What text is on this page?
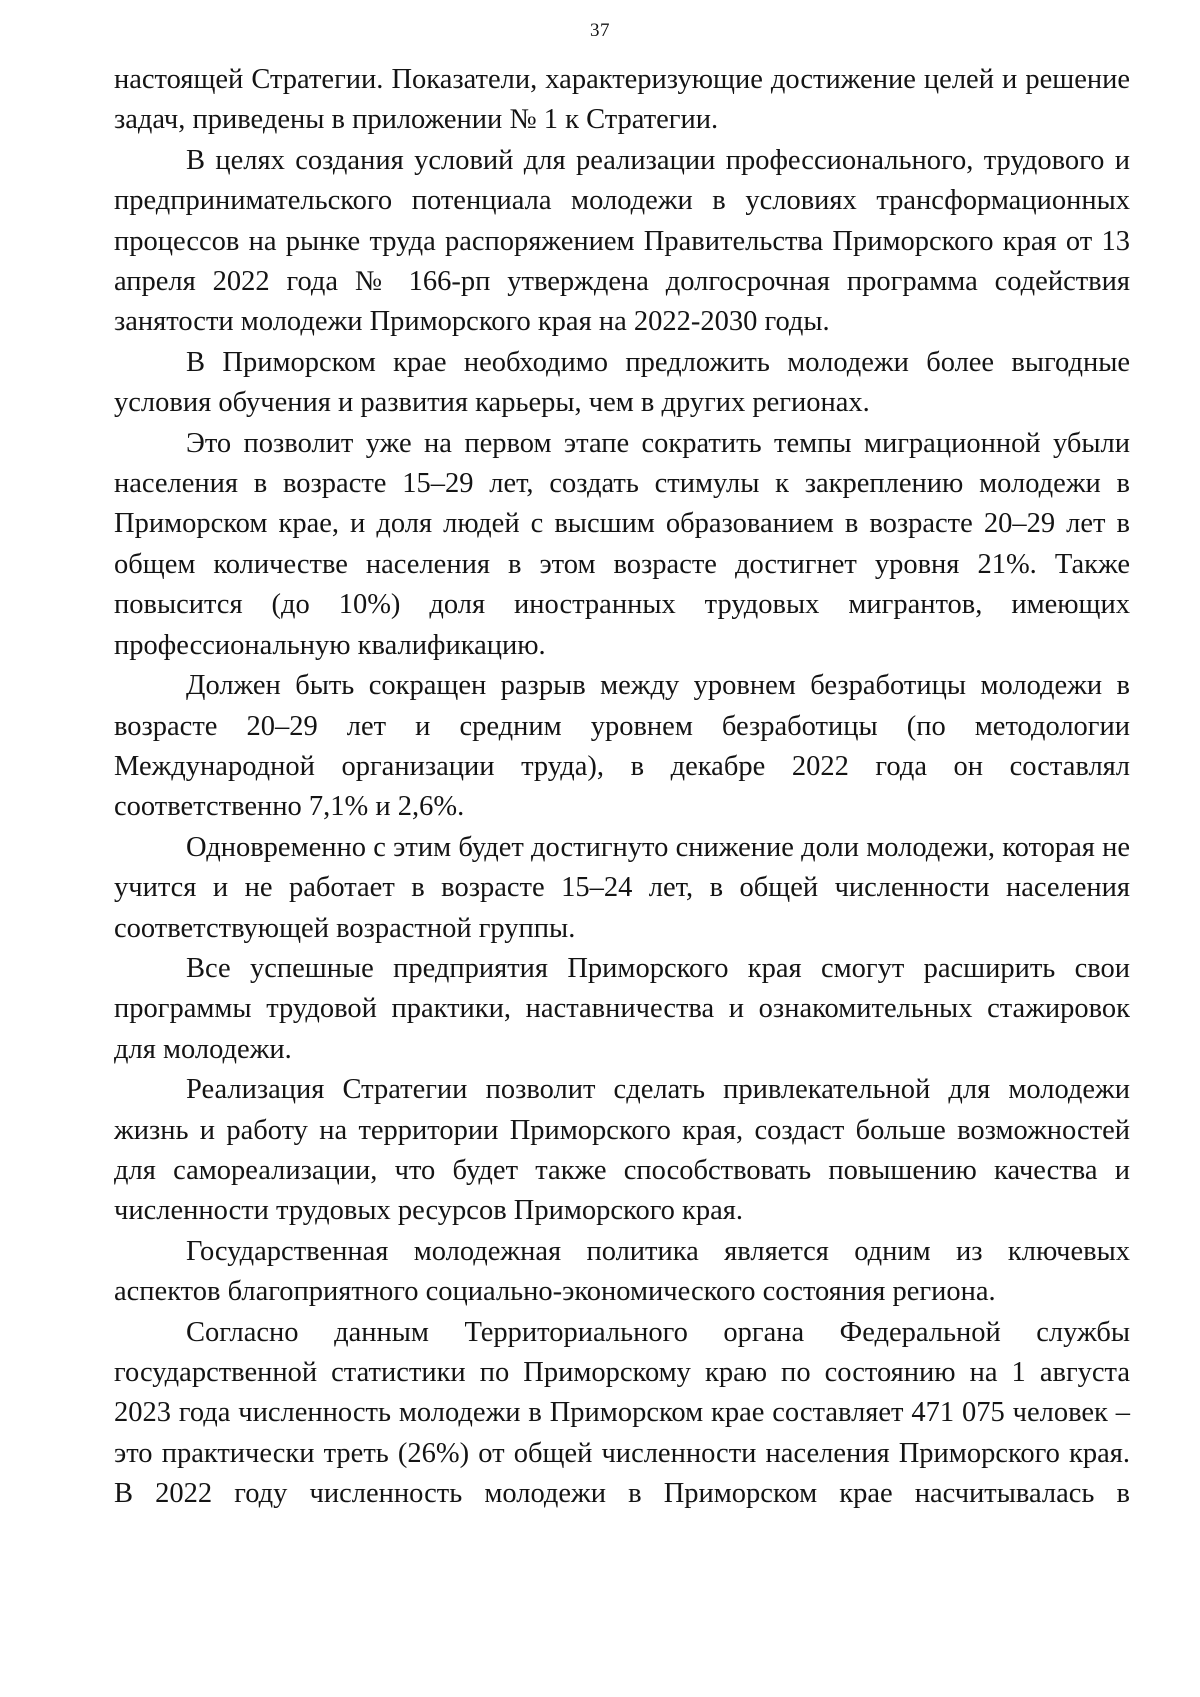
37

настоящей Стратегии. Показатели, характеризующие достижение целей и решение задач, приведены в приложении № 1 к Стратегии.

В целях создания условий для реализации профессионального, трудового и предпринимательского потенциала молодежи в условиях трансформационных процессов на рынке труда распоряжением Правительства Приморского края от 13 апреля 2022 года № 166-рп утверждена долгосрочная программа содействия занятости молодежи Приморского края на 2022-2030 годы.

В Приморском крае необходимо предложить молодежи более выгодные условия обучения и развития карьеры, чем в других регионах.

Это позволит уже на первом этапе сократить темпы миграционной убыли населения в возрасте 15–29 лет, создать стимулы к закреплению молодежи в Приморском крае, и доля людей с высшим образованием в возрасте 20–29 лет в общем количестве населения в этом возрасте достигнет уровня 21%. Также повысится (до 10%) доля иностранных трудовых мигрантов, имеющих профессиональную квалификацию.

Должен быть сокращен разрыв между уровнем безработицы молодежи в возрасте 20–29 лет и средним уровнем безработицы (по методологии Международной организации труда), в декабре 2022 года он составлял соответственно 7,1% и 2,6%.

Одновременно с этим будет достигнуто снижение доли молодежи, которая не учится и не работает в возрасте 15–24 лет, в общей численности населения соответствующей возрастной группы.

Все успешные предприятия Приморского края смогут расширить свои программы трудовой практики, наставничества и ознакомительных стажировок для молодежи.

Реализация Стратегии позволит сделать привлекательной для молодежи жизнь и работу на территории Приморского края, создаст больше возможностей для самореализации, что будет также способствовать повышению качества и численности трудовых ресурсов Приморского края.

Государственная молодежная политика является одним из ключевых аспектов благоприятного социально-экономического состояния региона.

Согласно данным Территориального органа Федеральной службы государственной статистики по Приморскому краю по состоянию на 1 августа 2023 года численность молодежи в Приморском крае составляет 471 075 человек – это практически треть (26%) от общей численности населения Приморского края. В 2022 году численность молодежи в Приморском крае насчитывалась в
